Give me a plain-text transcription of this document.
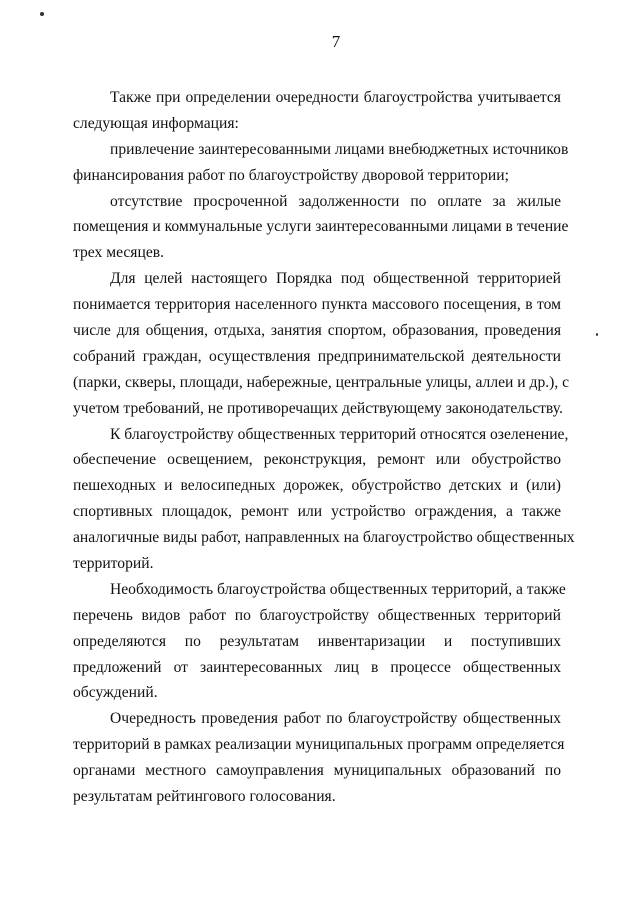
7
Также при определении очередности благоустройства учитывается
следующая информация:
привлечение заинтересованными лицами внебюджетных источников
финансирования работ по благоустройству дворовой территории;
отсутствие просроченной задолженности по оплате за жилые
помещения и коммунальные услуги заинтересованными лицами в течение
трех месяцев.
Для целей настоящего Порядка под общественной территорией
понимается территория населенного пункта массового посещения, в том
числе для общения, отдыха, занятия спортом, образования, проведения
собраний граждан, осуществления предпринимательской деятельности
(парки, скверы, площади, набережные, центральные улицы, аллеи и др.), с
учетом требований, не противоречащих действующему законодательству.
К благоустройству общественных территорий относятся озеленение,
обеспечение освещением, реконструкция, ремонт или обустройство
пешеходных и велосипедных дорожек, обустройство детских и (или)
спортивных площадок, ремонт или устройство ограждения, а также
аналогичные виды работ, направленных на благоустройство общественных
территорий.
Необходимость благоустройства общественных территорий, а также
перечень видов работ по благоустройству общественных территорий
определяются по результатам инвентаризации и поступивших
предложений от заинтересованных лиц в процессе общественных
обсуждений.
Очередность проведения работ по благоустройству общественных
территорий в рамках реализации муниципальных программ определяется
органами местного самоуправления муниципальных образований по
результатам рейтингового голосования.
